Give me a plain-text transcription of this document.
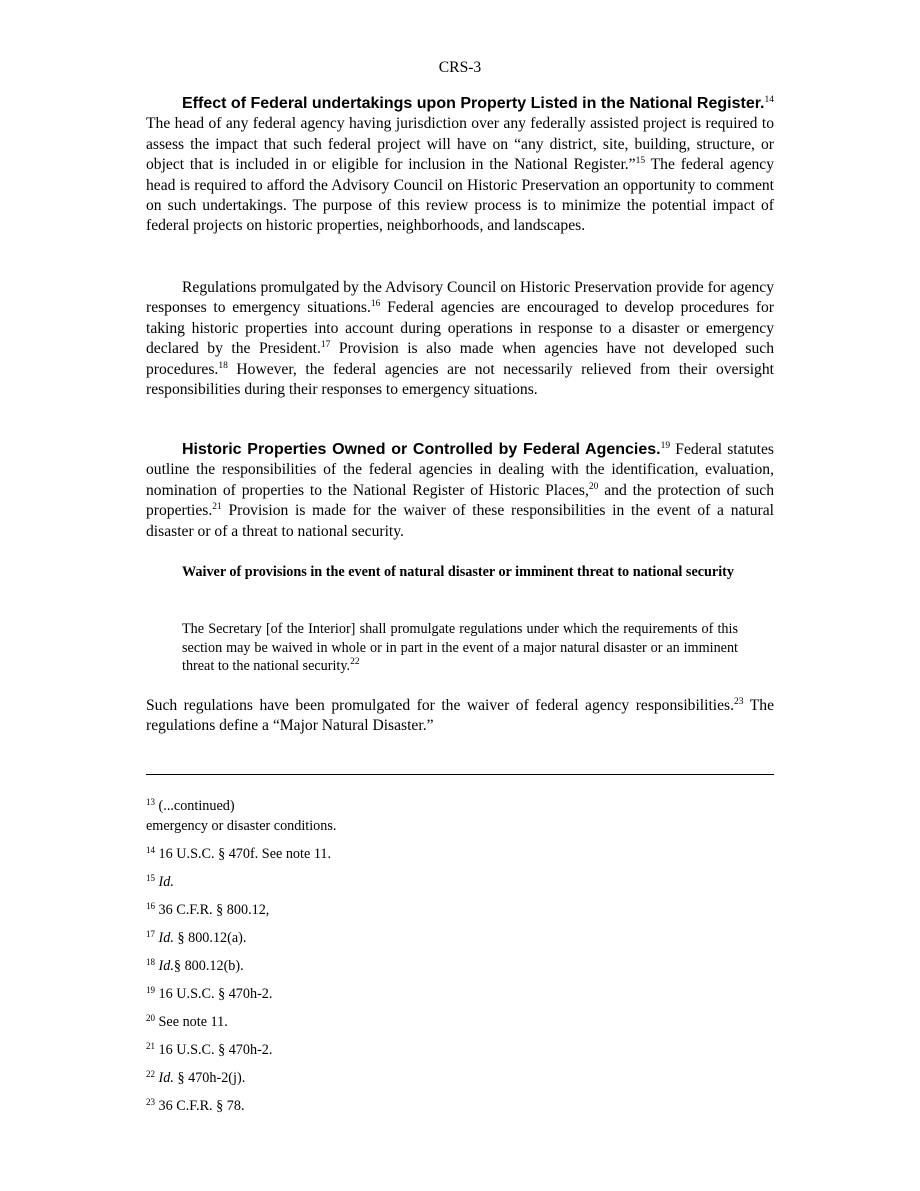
CRS-3

Effect of Federal undertakings upon Property Listed in the National Register.$^{14}$ The head of any federal agency having jurisdiction over any federally assisted project is required to assess the impact that such federal project will have on “any district, site, building, structure, or object that is included in or eligible for inclusion in the National Register.”$^{15}$ The federal agency head is required to afford the Advisory Council on Historic Preservation an opportunity to comment on such undertakings. The purpose of this review process is to minimize the potential impact of federal projects on historic properties, neighborhoods, and landscapes.

Regulations promulgated by the Advisory Council on Historic Preservation provide for agency responses to emergency situations.$^{16}$ Federal agencies are encouraged to develop procedures for taking historic properties into account during operations in response to a disaster or emergency declared by the President.$^{17}$ Provision is also made when agencies have not developed such procedures.$^{18}$ However, the federal agencies are not necessarily relieved from their oversight responsibilities during their responses to emergency situations.

Historic Properties Owned or Controlled by Federal Agencies.$^{19}$ Federal statutes outline the responsibilities of the federal agencies in dealing with the identification, evaluation, nomination of properties to the National Register of Historic Places,$^{20}$ and the protection of such properties.$^{21}$ Provision is made for the waiver of these responsibilities in the event of a natural disaster or of a threat to national security.

Waiver of provisions in the event of natural disaster or imminent threat to national security

The Secretary [of the Interior] shall promulgate regulations under which the requirements of this section may be waived in whole or in part in the event of a major natural disaster or an imminent threat to the national security.$^{22}$

Such regulations have been promulgated for the waiver of federal agency responsibilities.$^{23}$ The regulations define a “Major Natural Disaster.”

$^{13}$ (...continued)

emergency or disaster conditions.

$^{14}$ 16 U.S.C. § 470f. See note 11.

$^{15}$ Id.

$^{16}$ 36 C.F.R. § 800.12,

$^{17}$ Id. § 800.12(a).

$^{18}$ Id.§ 800.12(b).

$^{19}$ 16 U.S.C. § 470h-2.

$^{20}$ See note 11.

$^{21}$ 16 U.S.C. § 470h-2.

$^{22}$ Id. § 470h-2(j).

$^{23}$ 36 C.F.R. § 78.
